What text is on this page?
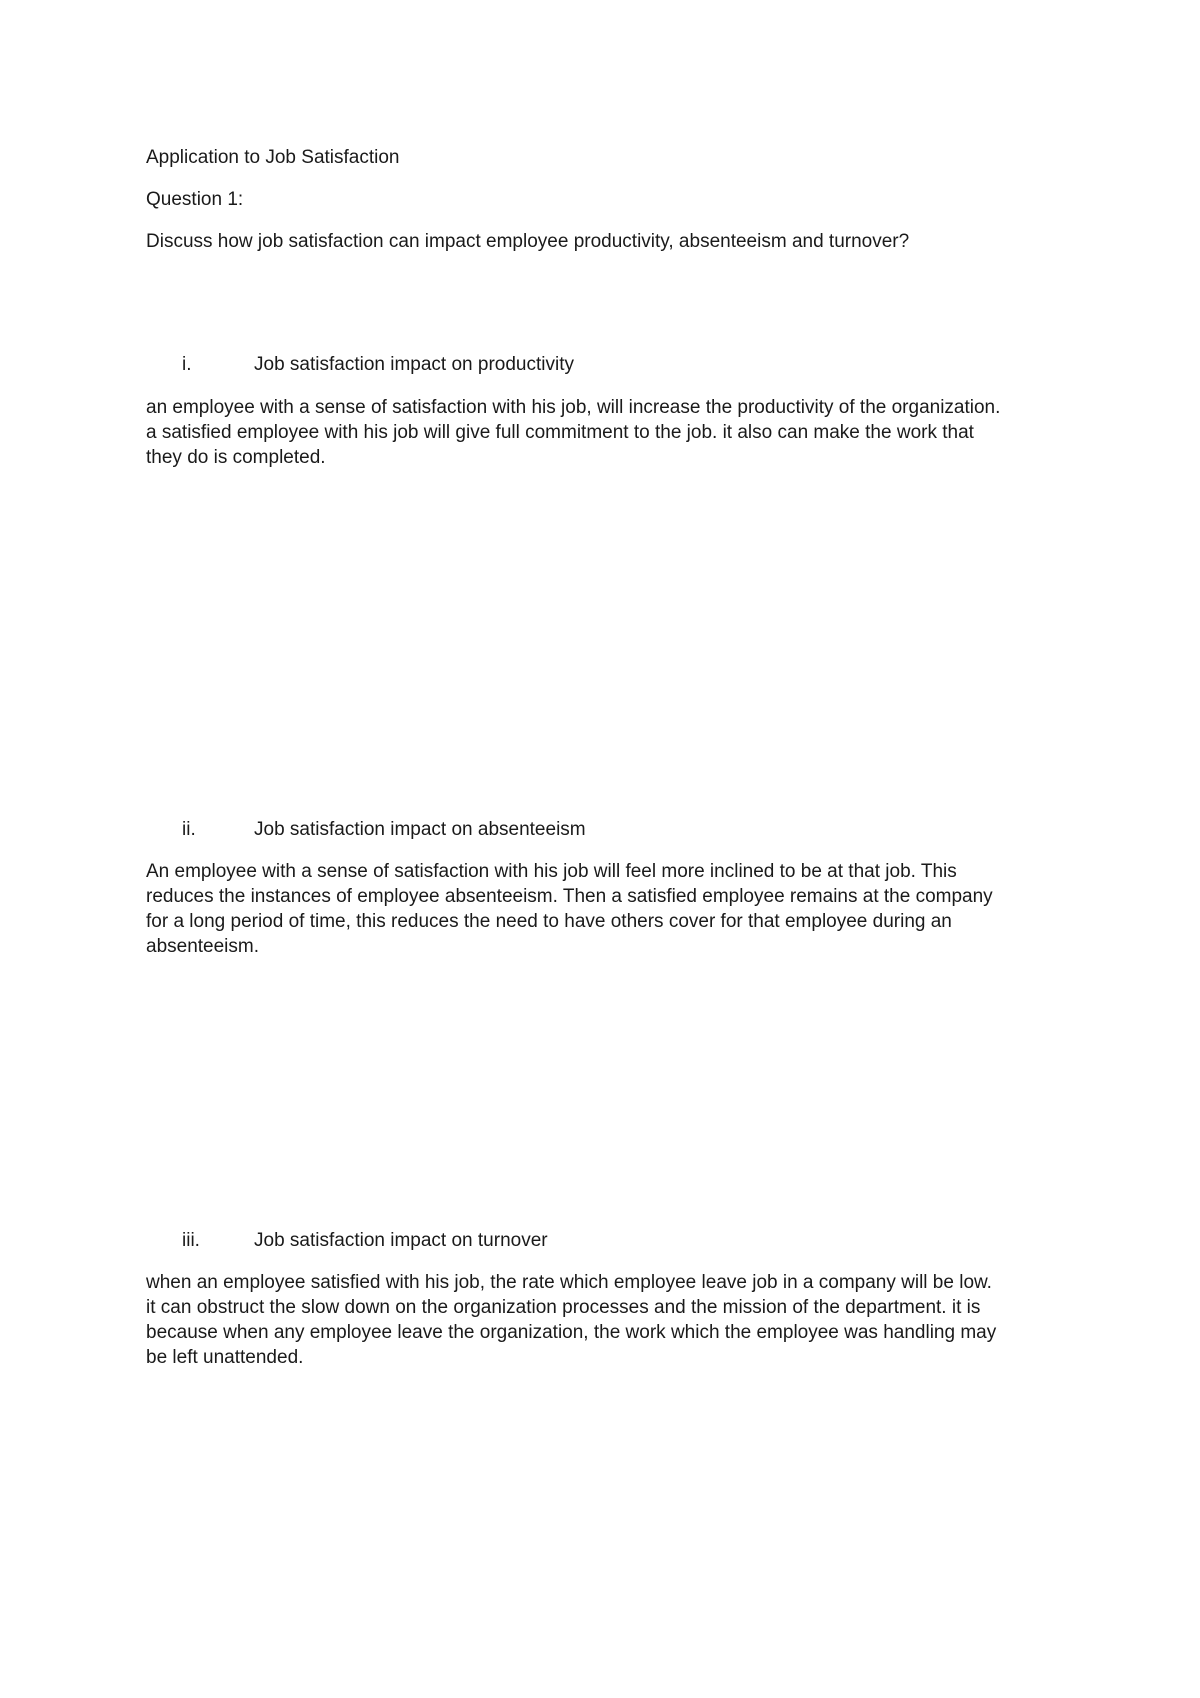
Application to Job Satisfaction
Question 1:
Discuss how job satisfaction can impact employee productivity, absenteeism and turnover?
i.	Job satisfaction impact on productivity
an employee with a sense of satisfaction with his job, will increase the productivity of the organization.
a satisfied employee with his job will give full commitment to the job. it also can make the work that
they do is completed.
ii.	Job satisfaction impact on absenteeism
An employee with a sense of satisfaction with his job will feel more inclined to be at that job. This
reduces the instances of employee absenteeism. Then a satisfied employee remains at the company
for a long period of time, this reduces the need to have others cover for that employee during an
absenteeism.
iii.	Job satisfaction impact on turnover
when an employee satisfied with his job, the rate which employee leave job in a company will be low.
it can obstruct the slow down on the organization processes and the mission of the department. it is
because when any employee leave the organization, the work which the employee was handling may
be left unattended.
